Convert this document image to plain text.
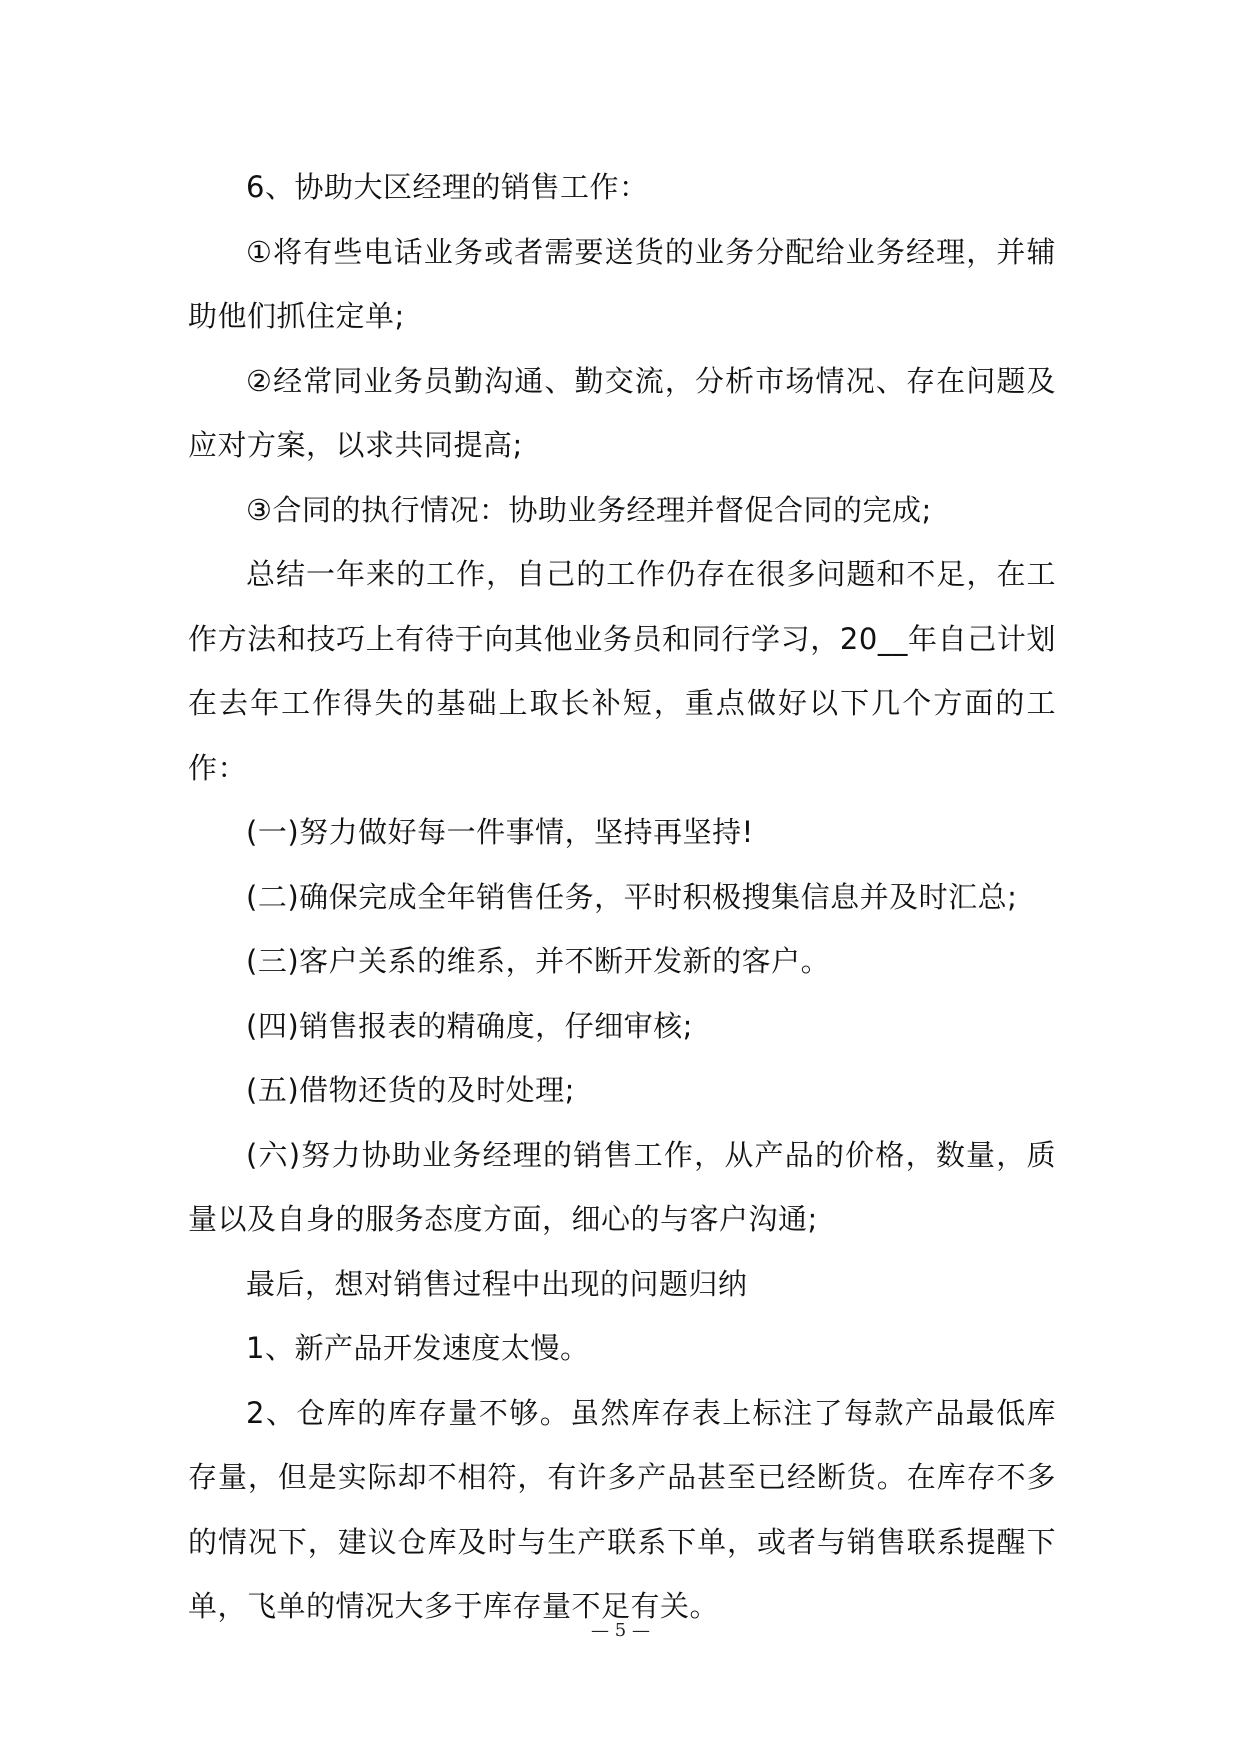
6、协助大区经理的销售工作：

①将有些电话业务或者需要送货的业务分配给业务经理，并辅助他们抓住定单;

②经常同业务员勤沟通、勤交流，分析市场情况、存在问题及应对方案，以求共同提高;

③合同的执行情况：协助业务经理并督促合同的完成;

总结一年来的工作，自己的工作仍存在很多问题和不足，在工作方法和技巧上有待于向其他业务员和同行学习，20__年自己计划在去年工作得失的基础上取长补短，重点做好以下几个方面的工作：

(一)努力做好每一件事情，坚持再坚持!

(二)确保完成全年销售任务，平时积极搜集信息并及时汇总;

(三)客户关系的维系，并不断开发新的客户。

(四)销售报表的精确度，仔细审核;

(五)借物还货的及时处理;

(六)努力协助业务经理的销售工作，从产品的价格，数量，质量以及自身的服务态度方面，细心的与客户沟通;

最后，想对销售过程中出现的问题归纳

1、新产品开发速度太慢。

2、仓库的库存量不够。虽然库存表上标注了每款产品最低库存量，但是实际却不相符，有许多产品甚至已经断货。在库存不多的情况下，建议仓库及时与生产联系下单，或者与销售联系提醒下单，飞单的情况大多于库存量不足有关。

— 5 —
